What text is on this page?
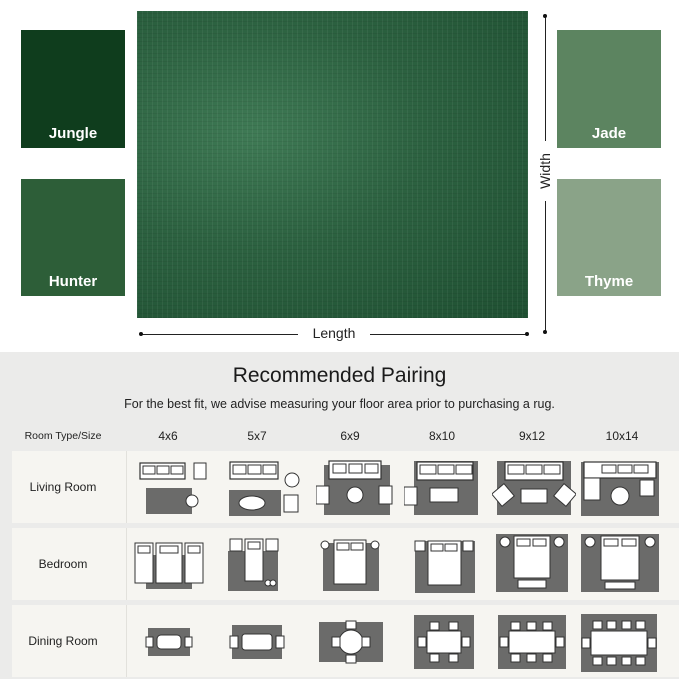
Jungle
Hunter
Jade
Thyme
Length
Width
Recommended Pairing
For the best fit, we advise measuring your floor area prior to purchasing a rug.
Room Type/Size	4x6	5x7	6x9	8x10	9x12	10x14
Living Room
Bedroom
Dining Room
